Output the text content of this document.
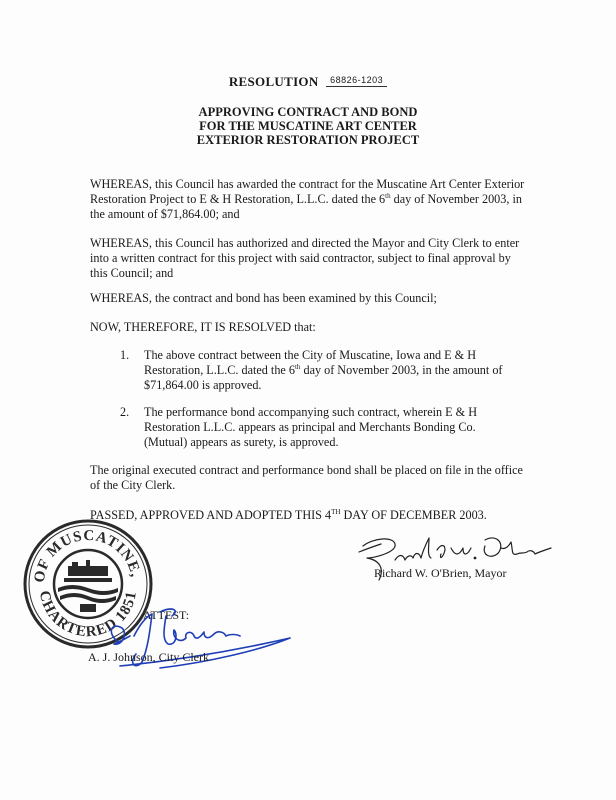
RESOLUTION 68826-1203
APPROVING CONTRACT AND BOND
FOR THE MUSCATINE ART CENTER
EXTERIOR RESTORATION PROJECT

WHEREAS, this Council has awarded the contract for the Muscatine Art Center Exterior Restoration Project to E & H Restoration, L.L.C. dated the 6th day of November 2003, in the amount of $71,864.00; and

WHEREAS, this Council has authorized and directed the Mayor and City Clerk to enter into a written contract for this project with said contractor, subject to final approval by this Council; and

WHEREAS, the contract and bond has been examined by this Council;

NOW, THEREFORE, IT IS RESOLVED that:

1. The above contract between the City of Muscatine, Iowa and E & H Restoration, L.L.C. dated the 6th day of November 2003, in the amount of $71,864.00 is approved.
2. The performance bond accompanying such contract, wherein E & H Restoration L.L.C. appears as principal and Merchants Bonding Co. (Mutual) appears as surety, is approved.

The original executed contract and performance bond shall be placed on file in the office of the City Clerk.

PASSED, APPROVED AND ADOPTED THIS 4TH DAY OF DECEMBER 2003.

Richard W. O'Brien, Mayor
OF MUSCATINE,
CHARTERED 1851
ATTEST:
A. J. Johnson, City Clerk
